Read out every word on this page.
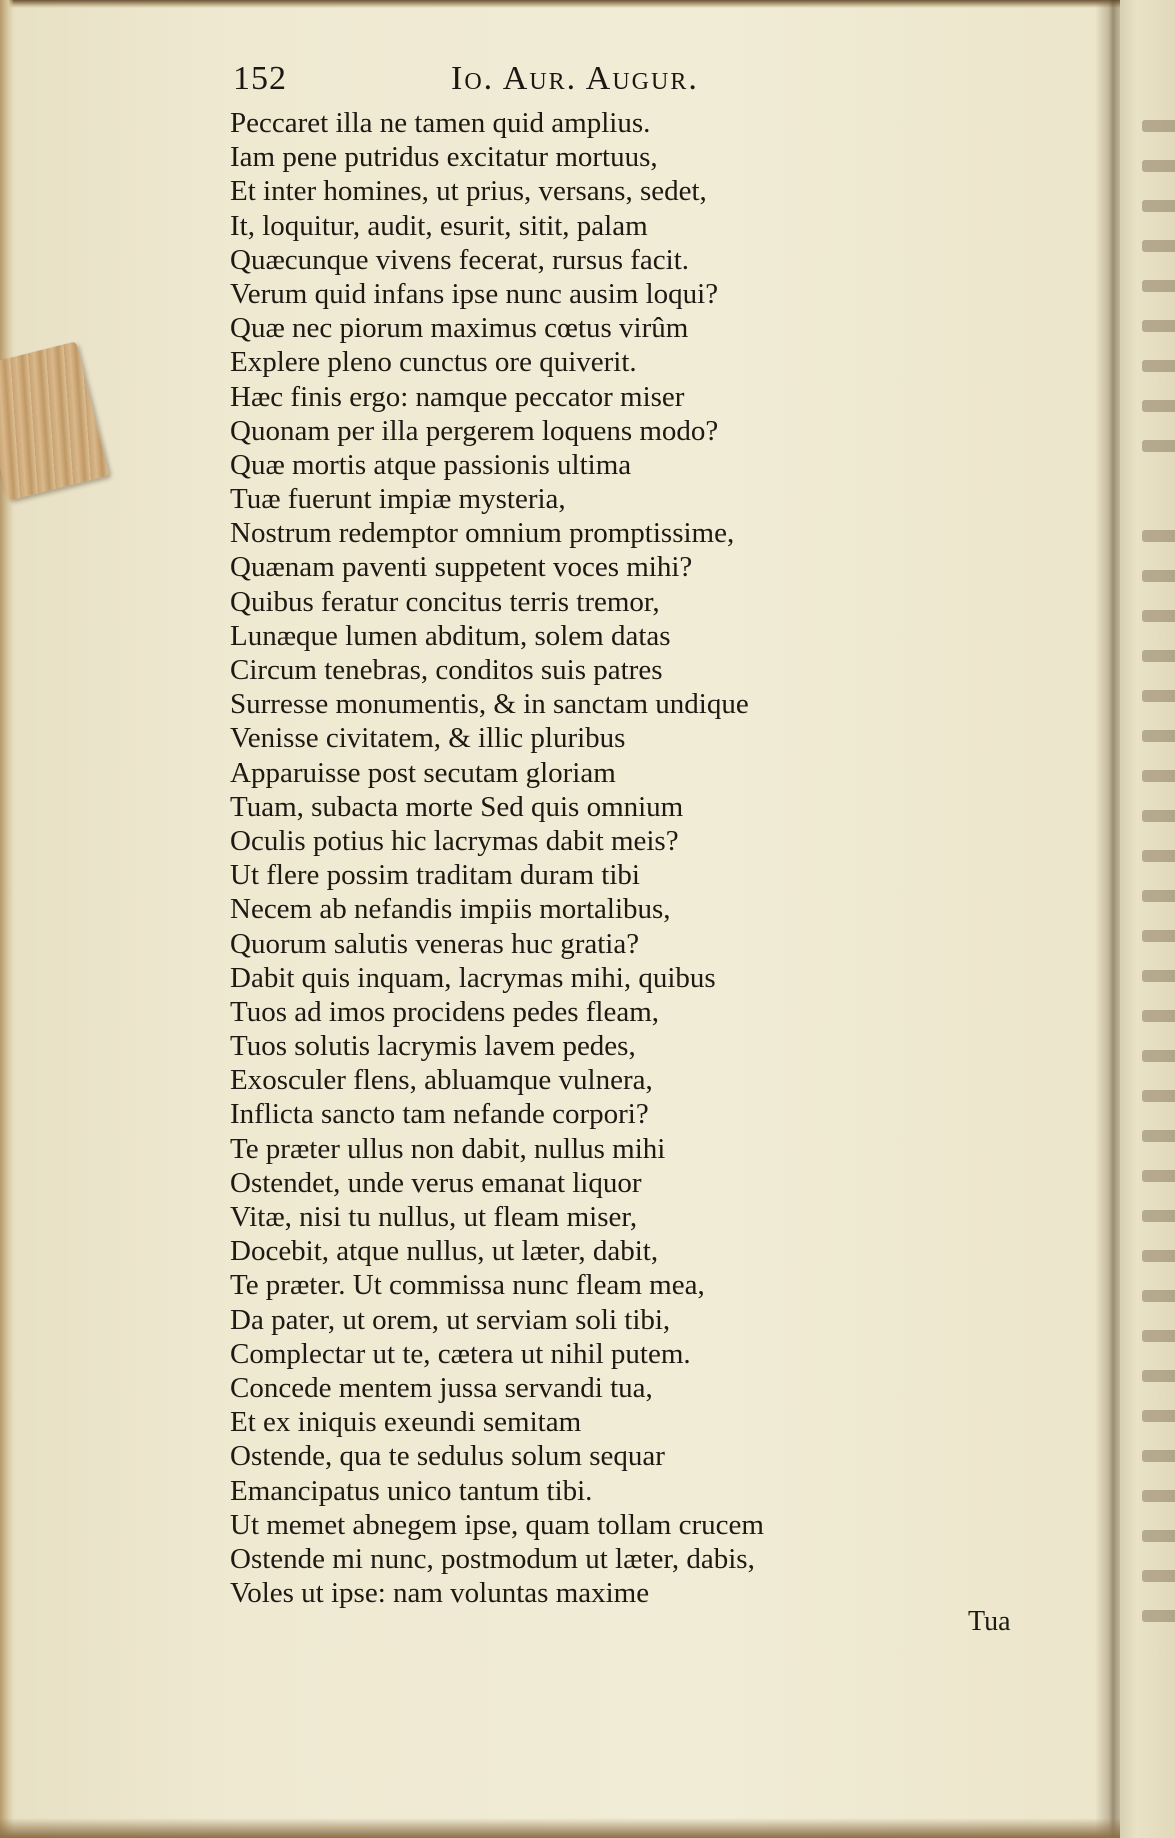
152	Io. Aur. Augur.
Peccaret illa ne tamen quid amplius.
Iam pene putridus excitatur mortuus,
Et inter homines, ut prius, versans, sedet,
It, loquitur, audit, esurit, sitit, palam
Quæcunque vivens fecerat, rursus facit.
Verum quid infans ipse nunc ausim loqui?
Quæ nec piorum maximus cœtus virûm
Explere pleno cunctus ore quiverit.
Hæc finis ergo: namque peccator miser
Quonam per illa pergerem loquens modo?
Quæ mortis atque passionis ultima
Tuæ fuerunt impiæ mysteria,
Nostrum redemptor omnium promptissime,
Quænam paventi suppetent voces mihi?
Quibus feratur concitus terris tremor,
Lunæque lumen abditum, solem datas
Circum tenebras, conditos suis patres
Surresse monumentis, & in sanctam undique
Venisse civitatem, & illic pluribus
Apparuisse post secutam gloriam
Tuam, subacta morte Sed quis omnium
Oculis potius hic lacrymas dabit meis?
Ut flere possim traditam duram tibi
Necem ab nefandis impiis mortalibus,
Quorum salutis veneras huc gratia?
Dabit quis inquam, lacrymas mihi, quibus
Tuos ad imos procidens pedes fleam,
Tuos solutis lacrymis lavem pedes,
Exosculer flens, abluamque vulnera,
Inflicta sancto tam nefande corpori?
Te præter ullus non dabit, nullus mihi
Ostendet, unde verus emanat liquor
Vitæ, nisi tu nullus, ut fleam miser,
Docebit, atque nullus, ut læter, dabit,
Te præter. Ut commissa nunc fleam mea,
Da pater, ut orem, ut serviam soli tibi,
Complectar ut te, cætera ut nihil putem.
Concede mentem jussa servandi tua,
Et ex iniquis exeundi semitam
Ostende, qua te sedulus solum sequar
Emancipatus unico tantum tibi.
Ut memet abnegem ipse, quam tollam crucem
Ostende mi nunc, postmodum ut læter, dabis,
Voles ut ipse: nam voluntas maxime
Tua
